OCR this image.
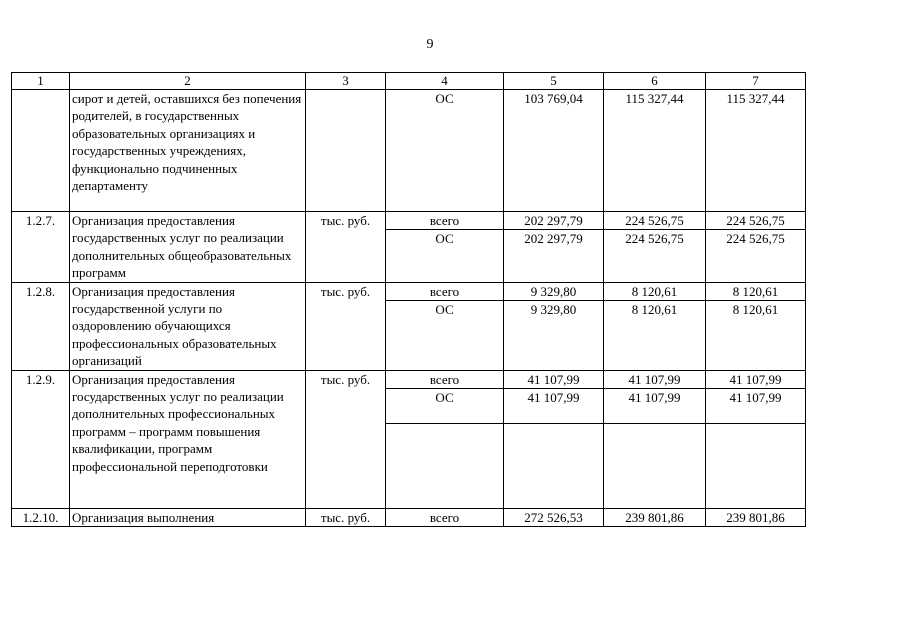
9
1	2	3	4	5	6	7
	сирот и детей, оставшихся без попечения родителей, в государственных образовательных организациях и государственных учреждениях, функционально подчиненных департаменту		ОС	103 769,04	115 327,44	115 327,44
1.2.7.	Организация предоставления государственных услуг по реализации дополнительных общеобразовательных программ	тыс. руб.	всего	202 297,79	224 526,75	224 526,75
			ОС	202 297,79	224 526,75	224 526,75
1.2.8.	Организация предоставления государственной услуги по оздоровлению обучающихся профессиональных образовательных организаций	тыс. руб.	всего	9 329,80	8 120,61	8 120,61
			ОС	9 329,80	8 120,61	8 120,61
1.2.9.	Организация предоставления государственных услуг по реализации дополнительных профессиональных программ – программ повышения квалификации, программ профессиональной переподготовки	тыс. руб.	всего	41 107,99	41 107,99	41 107,99
			ОС	41 107,99	41 107,99	41 107,99

1.2.10.	Организация выполнения	тыс. руб.	всего	272 526,53	239 801,86	239 801,86
